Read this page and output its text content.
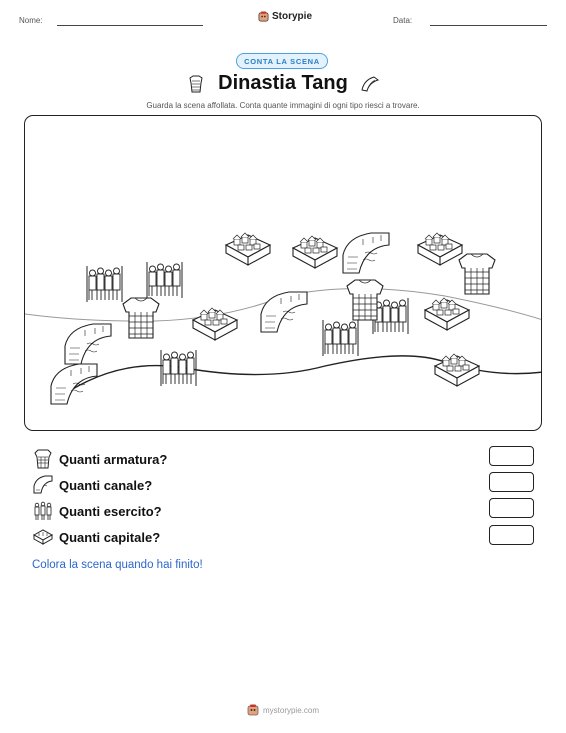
Nome:	Storypie	Data:
CONTA LA SCENA
Dinastia Tang
Guarda la scena affollata. Conta quante immagini di ogni tipo riesci a trovare.
Quanti armatura?
Quanti canale?
Quanti esercito?
Quanti capitale?
Colora la scena quando hai finito!
mystorypie.com
